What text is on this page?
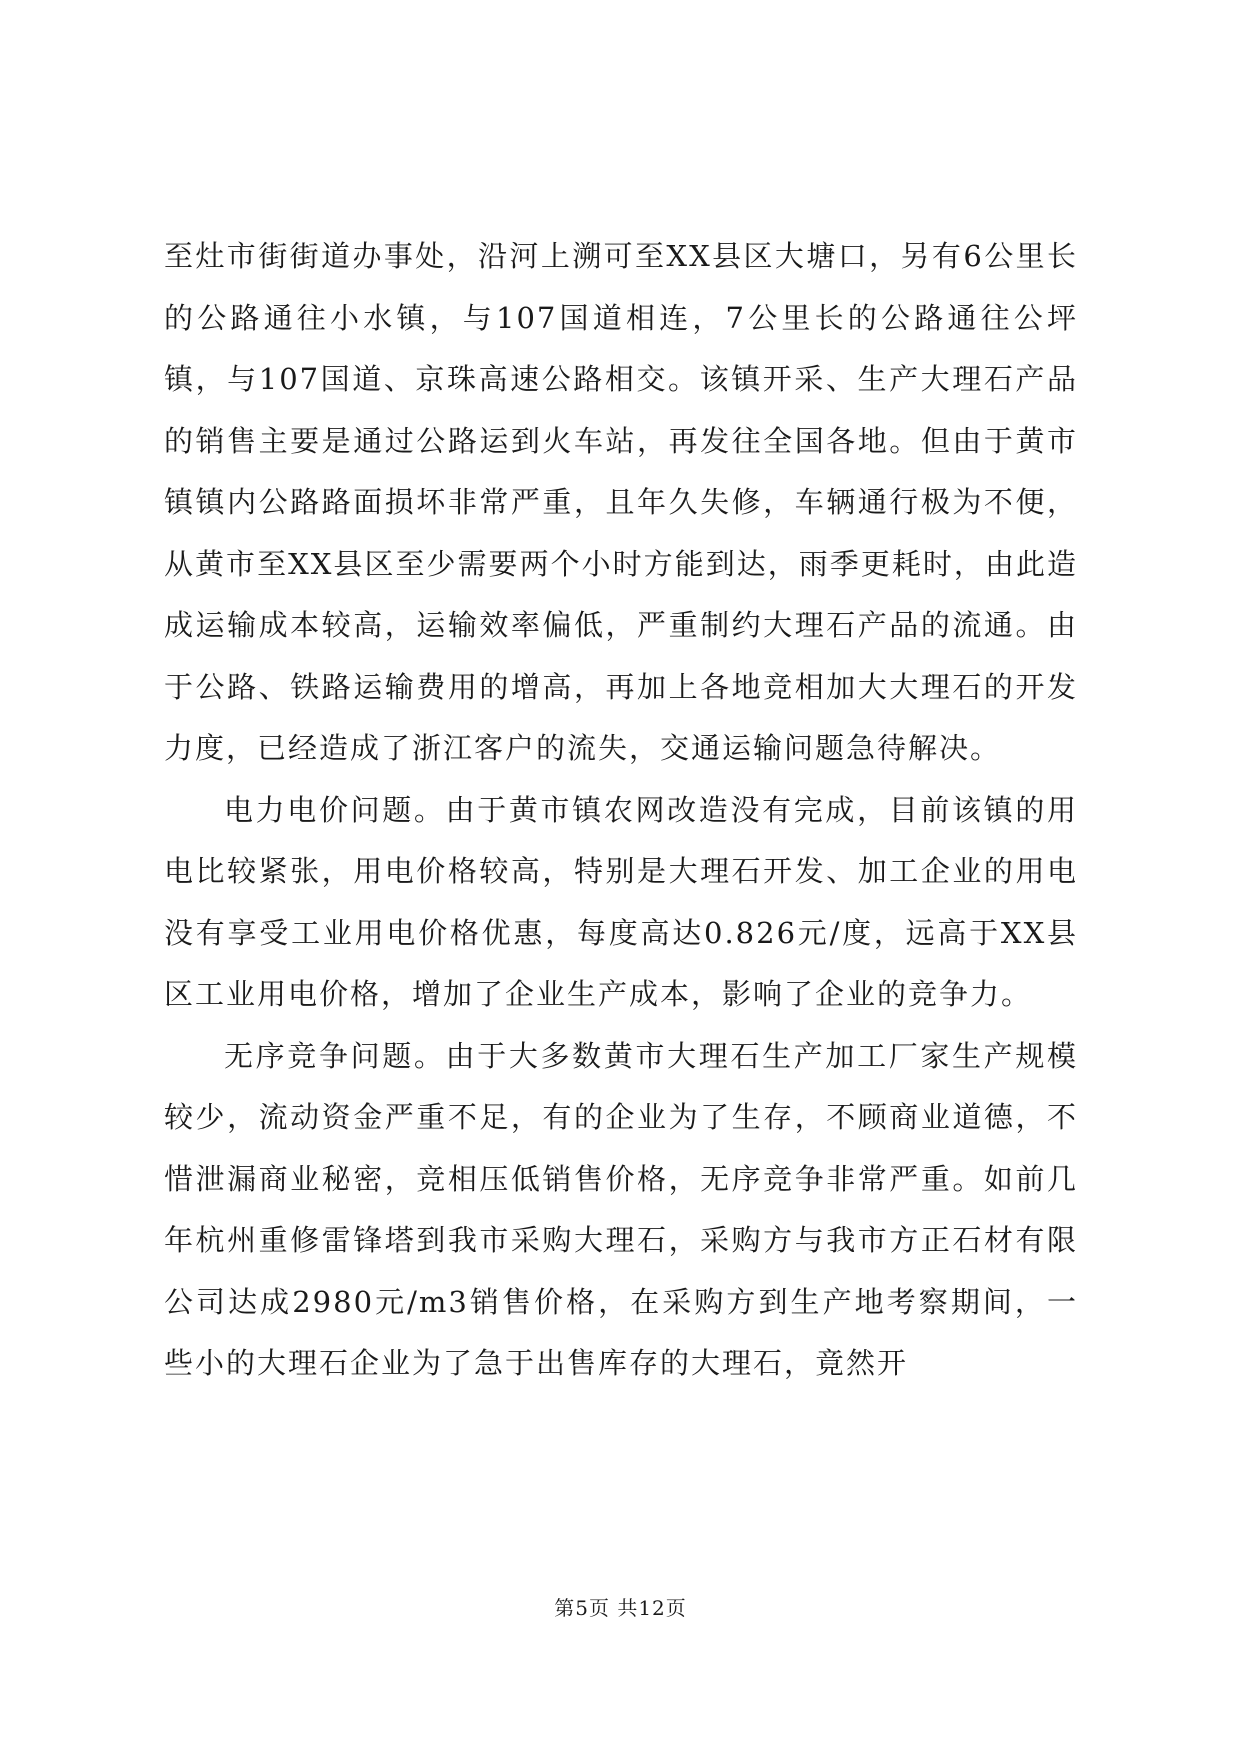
至灶市街街道办事处，沿河上溯可至XX县区大塘口，另有6公里长的公路通往小水镇，与107国道相连，7公里长的公路通往公坪镇，与107国道、京珠高速公路相交。该镇开采、生产大理石产品的销售主要是通过公路运到火车站，再发往全国各地。但由于黄市镇镇内公路路面损坏非常严重，且年久失修，车辆通行极为不便，从黄市至XX县区至少需要两个小时方能到达，雨季更耗时，由此造成运输成本较高，运输效率偏低，严重制约大理石产品的流通。由于公路、铁路运输费用的增高，再加上各地竞相加大大理石的开发力度，已经造成了浙江客户的流失，交通运输问题急待解决。

电力电价问题。由于黄市镇农网改造没有完成，目前该镇的用电比较紧张，用电价格较高，特别是大理石开发、加工企业的用电没有享受工业用电价格优惠，每度高达0.826元/度，远高于XX县区工业用电价格，增加了企业生产成本，影响了企业的竞争力。

无序竞争问题。由于大多数黄市大理石生产加工厂家生产规模较少，流动资金严重不足，有的企业为了生存，不顾商业道德，不惜泄漏商业秘密，竞相压低销售价格，无序竞争非常严重。如前几年杭州重修雷锋塔到我市采购大理石，采购方与我市方正石材有限公司达成2980元/m3销售价格，在采购方到生产地考察期间，一些小的大理石企业为了急于出售库存的大理石，竟然开

第5页 共12页
